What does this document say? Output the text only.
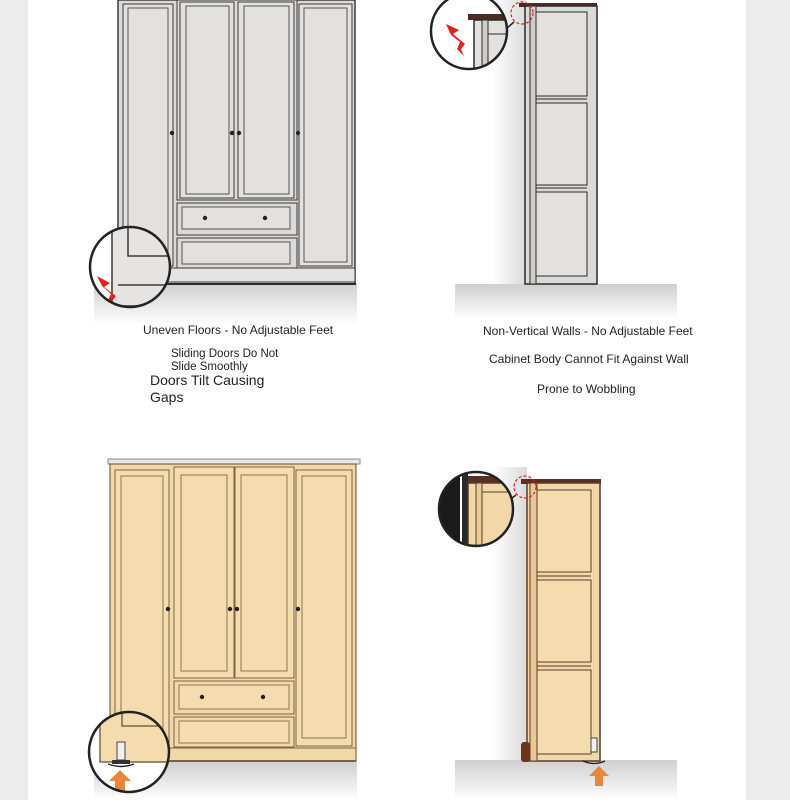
Uneven Floors - No Adjustable Feet
Sliding Doors Do Not Slide Smoothly
Doors Tilt Causing Gaps
Non-Vertical Walls - No Adjustable Feet
Cabinet Body Cannot Fit Against Wall
Prone to Wobbling
